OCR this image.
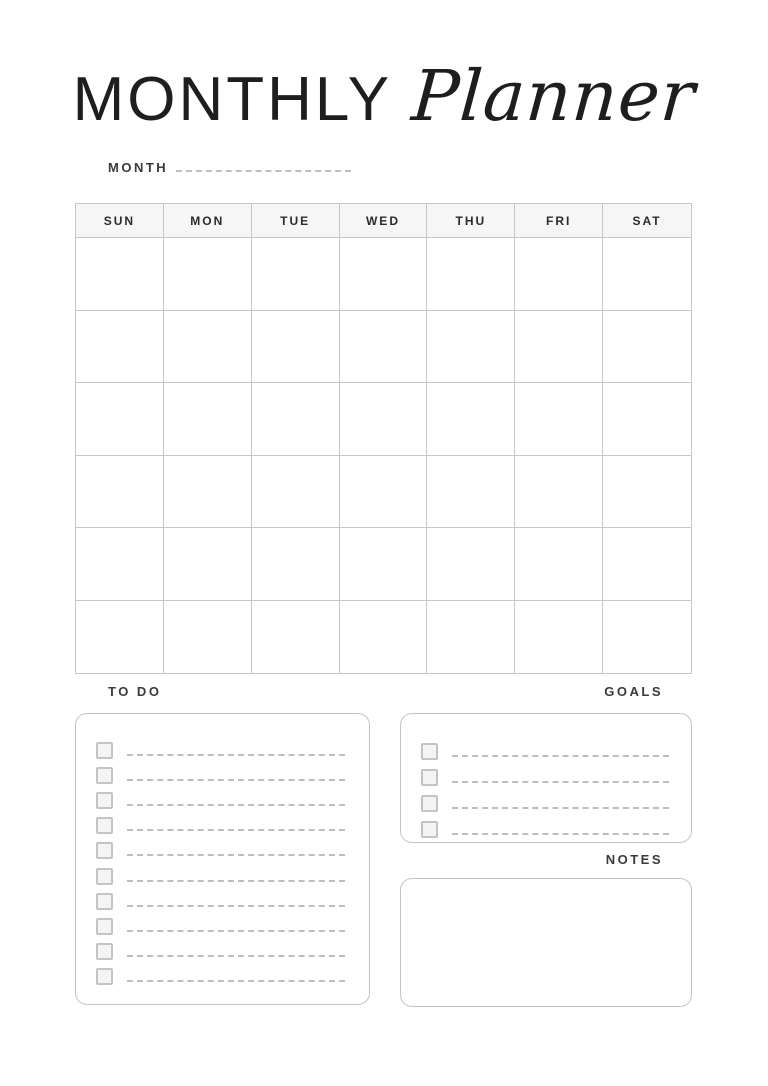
MONTHLY Planner
MONTH
SUN	MON	TUE	WED	THU	FRI	SAT
TO DO	GOALS
NOTES
